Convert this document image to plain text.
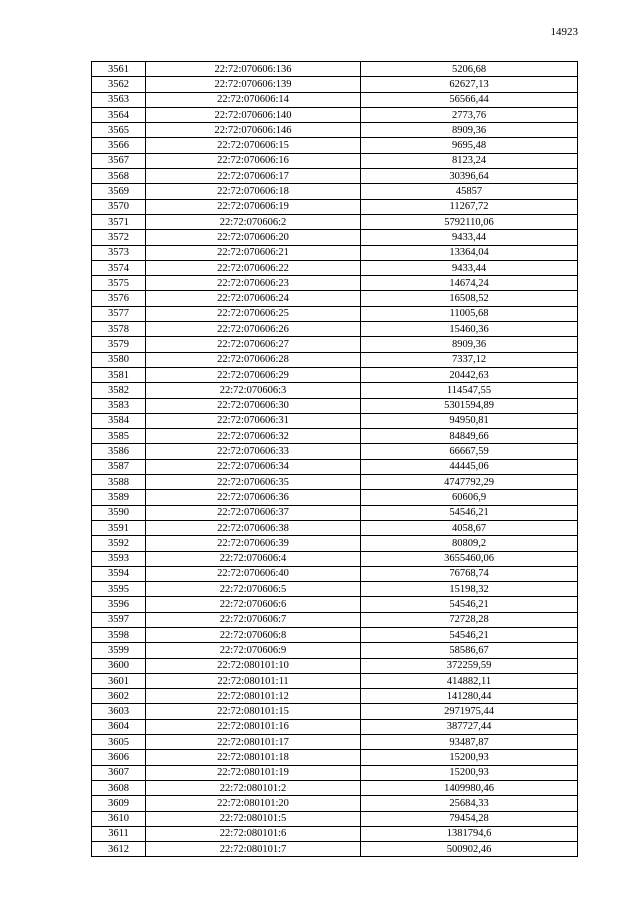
14923
3561	22:72:070606:136	5206,68
3562	22:72:070606:139	62627,13
3563	22:72:070606:14	56566,44
3564	22:72:070606:140	2773,76
3565	22:72:070606:146	8909,36
3566	22:72:070606:15	9695,48
3567	22:72:070606:16	8123,24
3568	22:72:070606:17	30396,64
3569	22:72:070606:18	45857
3570	22:72:070606:19	11267,72
3571	22:72:070606:2	5792110,06
3572	22:72:070606:20	9433,44
3573	22:72:070606:21	13364,04
3574	22:72:070606:22	9433,44
3575	22:72:070606:23	14674,24
3576	22:72:070606:24	16508,52
3577	22:72:070606:25	11005,68
3578	22:72:070606:26	15460,36
3579	22:72:070606:27	8909,36
3580	22:72:070606:28	7337,12
3581	22:72:070606:29	20442,63
3582	22:72:070606:3	114547,55
3583	22:72:070606:30	5301594,89
3584	22:72:070606:31	94950,81
3585	22:72:070606:32	84849,66
3586	22:72:070606:33	66667,59
3587	22:72:070606:34	44445,06
3588	22:72:070606:35	4747792,29
3589	22:72:070606:36	60606,9
3590	22:72:070606:37	54546,21
3591	22:72:070606:38	4058,67
3592	22:72:070606:39	80809,2
3593	22:72:070606:4	3655460,06
3594	22:72:070606:40	76768,74
3595	22:72:070606:5	15198,32
3596	22:72:070606:6	54546,21
3597	22:72:070606:7	72728,28
3598	22:72:070606:8	54546,21
3599	22:72:070606:9	58586,67
3600	22:72:080101:10	372259,59
3601	22:72:080101:11	414882,11
3602	22:72:080101:12	141280,44
3603	22:72:080101:15	2971975,44
3604	22:72:080101:16	387727,44
3605	22:72:080101:17	93487,87
3606	22:72:080101:18	15200,93
3607	22:72:080101:19	15200,93
3608	22:72:080101:2	1409980,46
3609	22:72:080101:20	25684,33
3610	22:72:080101:5	79454,28
3611	22:72:080101:6	1381794,6
3612	22:72:080101:7	500902,46
